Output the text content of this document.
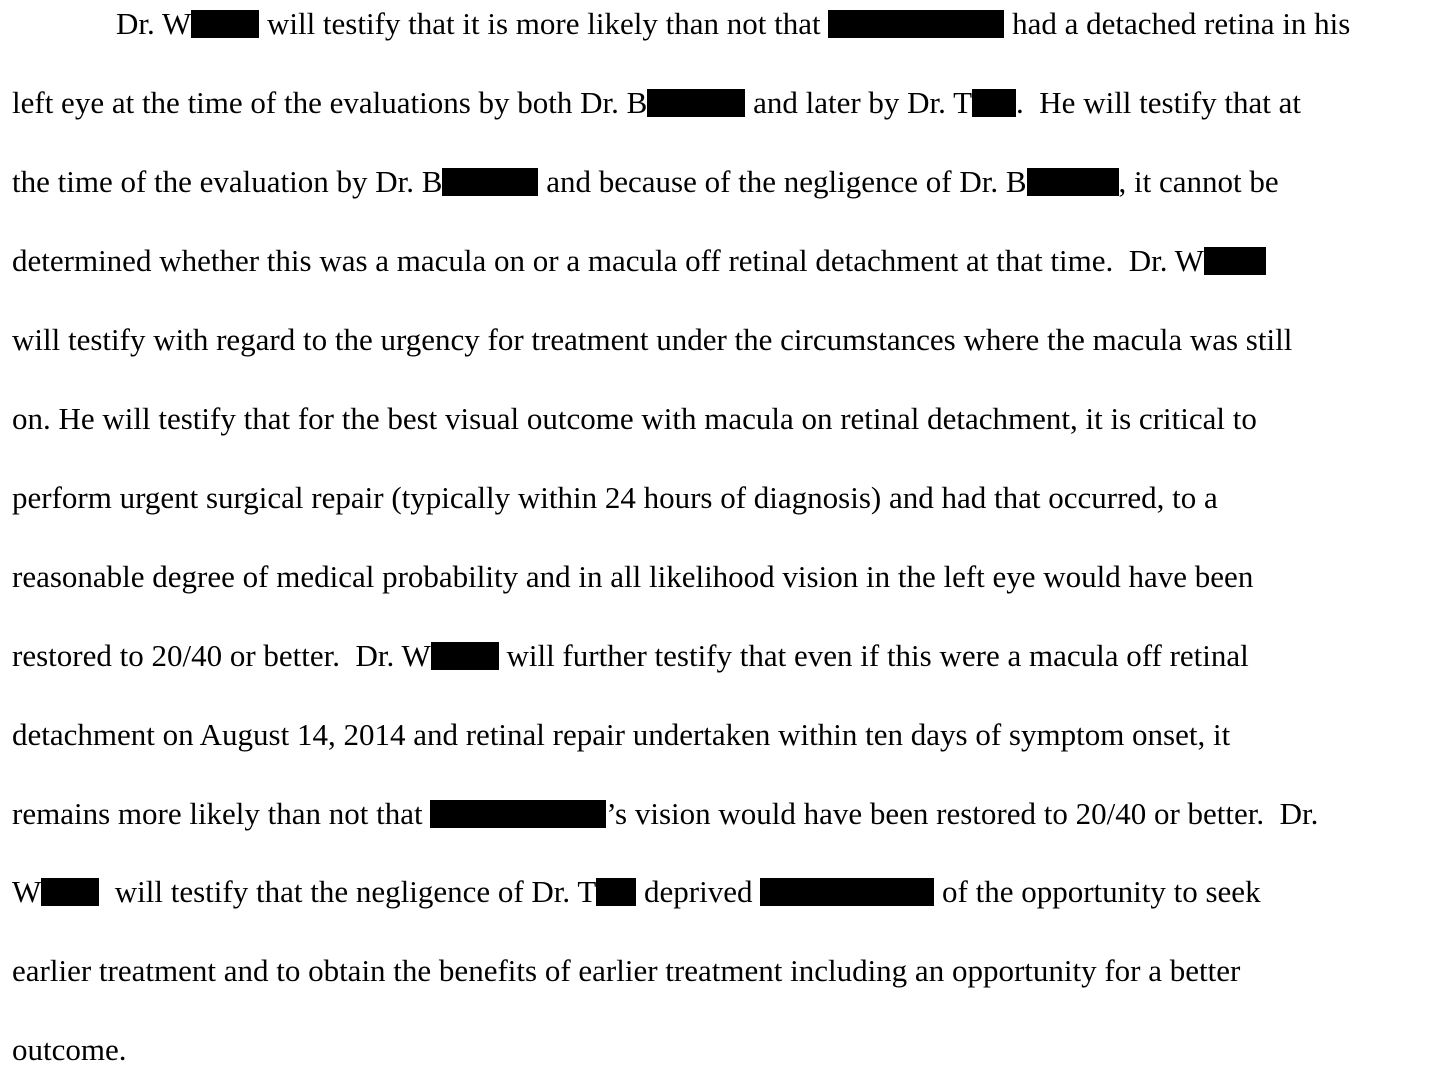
Dr. W will testify that it is more likely than not that	had a detached retina in his
left eye at the time of the evaluations by both Dr. B	and later by Dr. T .  He will testify that at
the time of the evaluation by Dr. B	and because of the negligence of Dr. B	, it cannot be
determined whether this was a macula on or a macula off retinal detachment at that time.  Dr. W
will testify with regard to the urgency for treatment under the circumstances where the macula was still
on. He will testify that for the best visual outcome with macula on retinal detachment, it is critical to
perform urgent surgical repair (typically within 24 hours of diagnosis) and had that occurred, to a
reasonable degree of medical probability and in all likelihood vision in the left eye would have been
restored to 20/40 or better.  Dr. W will further testify that even if this were a macula off retinal
detachment on August 14, 2014 and retinal repair undertaken within ten days of symptom onset, it
remains more likely than not that	’s vision would have been restored to 20/40 or better.  Dr.
W  will testify that the negligence of Dr. T deprived	of the opportunity to seek
earlier treatment and to obtain the benefits of earlier treatment including an opportunity for a better
outcome.
